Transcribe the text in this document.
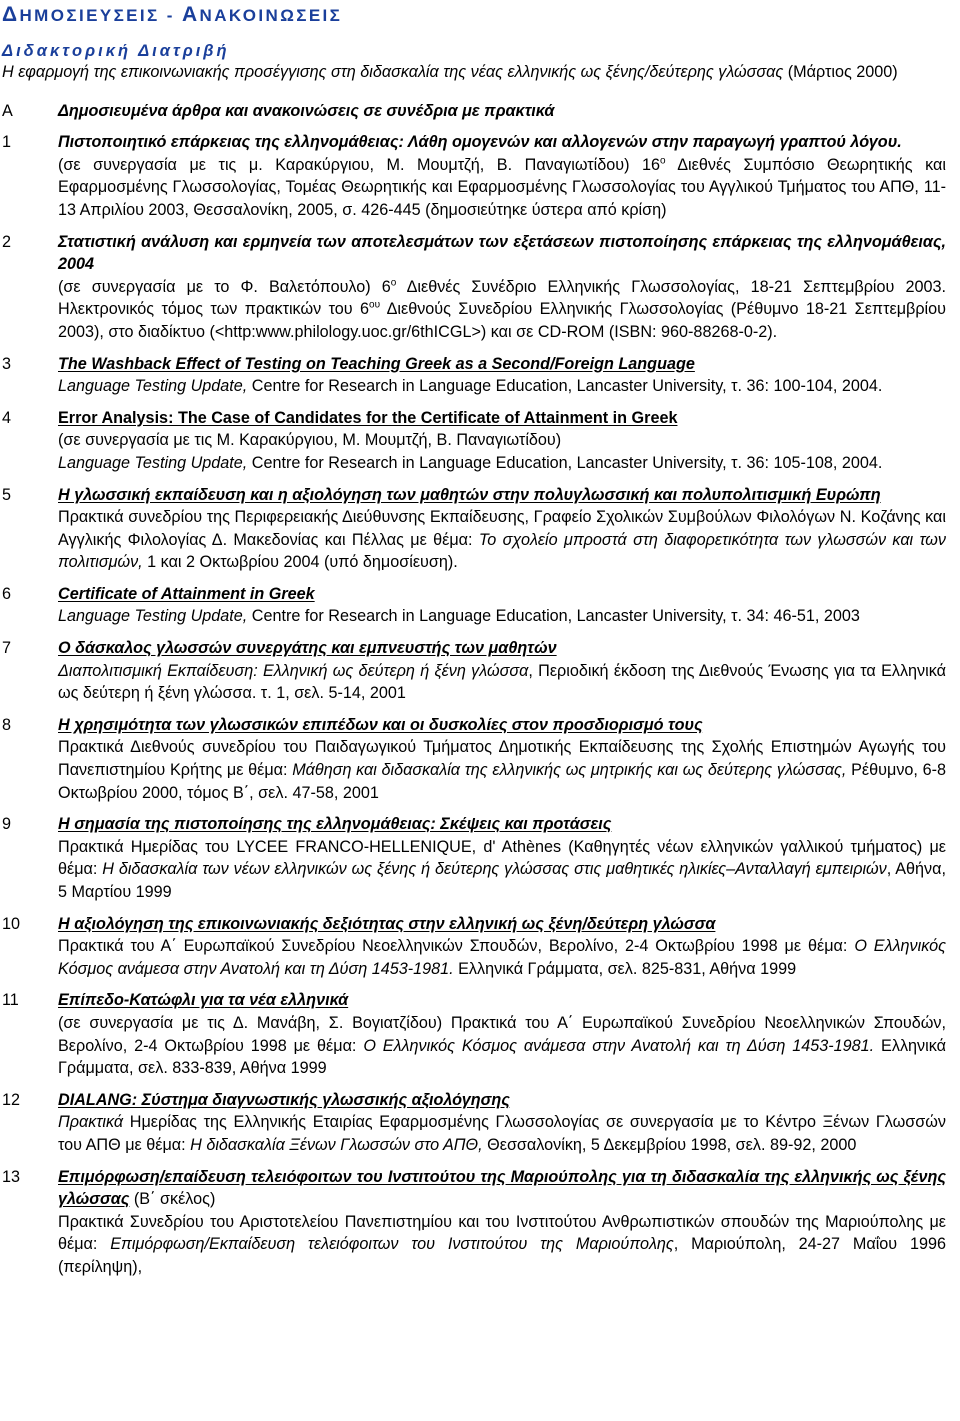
ΔΗΜΟΣΙΕΥΣΕΙΣ - ΑΝΑΚΟΙΝΩΣΕΙΣ
Διδακτορική Διατριβή

Η εφαρμογή της επικοινωνιακής προσέγγισης στη διδασκαλία της νέας ελληνικής ως ξένης/δεύτερης γλώσσας (Μάρτιος 2000)

A	Δημοσιευμένα άρθρα και ανακοινώσεις σε συνέδρια με πρακτικά
1	Πιστοποιητικό επάρκειας της ελληνομάθειας: Λάθη ομογενών και αλλογενών στην παραγωγή γραπτού λόγου.
(σε συνεργασία με τις μ. Καρακύργιου, Μ. Μουμτζή, Β. Παναγιωτίδου) $16^o$ Διεθνές Συμπόσιο Θεωρητικής και Εφαρμοσμένης Γλωσσολογίας, Τομέας Θεωρητικής και Εφαρμοσμένης Γλωσσολογίας του Αγγλικού Τμήματος του ΑΠΘ, 11-13 Απριλίου 2003, Θεσσαλονίκη, 2005, σ. 426-445 (δημοσιεύτηκε ύστερα από κρίση)
2	Στατιστική ανάλυση και ερμηνεία των αποτελεσμάτων των εξετάσεων πιστοποίησης επάρκειας της ελληνομάθειας, 2004
(σε συνεργασία με το Φ. Βαλετόπουλο) $6^o$ Διεθνές Συνέδριο Ελληνικής Γλωσσολογίας, 18-21 Σεπτεμβρίου 2003. Ηλεκτρονικός τόμος των πρακτικών του $6^{o\upsilon}$ Διεθνούς Συνεδρίου Ελληνικής Γλωσσολογίας (Ρέθυμνο 18-21 Σεπτεμβρίου 2003), στο διαδίκτυο (<http:www.philology.uoc.gr/6thICGL>) και σε CD-ROM (ISBN: 960-88268-0-2).
3	The Washback Effect of Testing on Teaching Greek as a Second/Foreign Language
Language Testing Update, Centre for Research in Language Education, Lancaster University, τ. 36: 100-104, 2004.
4	Error Analysis: The Case of Candidates for the Certificate of Attainment in Greek
(σε συνεργασία με τις Μ. Καρακύργιου, Μ. Μουμτζή, Β. Παναγιωτίδου)
Language Testing Update, Centre for Research in Language Education, Lancaster University, τ. 36: 105-108, 2004.
5	Η γλωσσική εκπαίδευση και η αξιολόγηση των μαθητών στην πολυγλωσσική και πολυπολιτισμική Ευρώπη
Πρακτικά συνεδρίου της Περιφερειακής Διεύθυνσης Εκπαίδευσης, Γραφείο Σχολικών Συμβούλων Φιλολόγων Ν. Κοζάνης και Αγγλικής Φιλολογίας Δ. Μακεδονίας και Πέλλας με θέμα: Το σχολείο μπροστά στη διαφορετικότητα των γλωσσών και των πολιτισμών, 1 και 2 Οκτωβρίου 2004 (υπό δημοσίευση).
6	Certificate of Attainment in Greek
Language Testing Update, Centre for Research in Language Education, Lancaster University, τ. 34: 46-51, 2003
7	Ο δάσκαλος γλωσσών συνεργάτης και εμπνευστής των μαθητών
Διαπολιτισμική Εκπαίδευση: Ελληνική ως δεύτερη ή ξένη γλώσσα, Περιοδική έκδοση της Διεθνούς Ένωσης για τα Ελληνικά ως δεύτερη ή ξένη γλώσσα. τ. 1, σελ. 5-14, 2001
8	Η χρησιμότητα των γλωσσικών επιπέδων και οι δυσκολίες στον προσδιορισμό τους
Πρακτικά Διεθνούς συνεδρίου του Παιδαγωγικού Τμήματος Δημοτικής Εκπαίδευσης της Σχολής Επιστημών Αγωγής του Πανεπιστημίου Κρήτης με θέμα: Μάθηση και διδασκαλία της ελληνικής ως μητρικής και ως δεύτερης γλώσσας, Ρέθυμνο, 6-8 Οκτωβρίου 2000, τόμος Β΄, σελ. 47-58, 2001
9	Η σημασία της πιστοποίησης της ελληνομάθειας: Σκέψεις και προτάσεις
Πρακτικά Ημερίδας του LYCEE FRANCO-HELLENIQUE, d' Athènes (Καθηγητές νέων ελληνικών γαλλικού τμήματος) με θέμα: Η διδασκαλία των νέων ελληνικών ως ξένης ή δεύτερης γλώσσας στις μαθητικές ηλικίες–Ανταλλαγή εμπειριών, Αθήνα, 5 Μαρτίου 1999
10	Η αξιολόγηση της επικοινωνιακής δεξιότητας στην ελληνική ως ξένη/δεύτερη γλώσσα
Πρακτικά του Α΄ Ευρωπαϊκού Συνεδρίου Νεοελληνικών Σπουδών, Βερολίνο, 2-4 Οκτωβρίου 1998 με θέμα: Ο Ελληνικός Κόσμος ανάμεσα στην Ανατολή και τη Δύση 1453-1981. Ελληνικά Γράμματα, σελ. 825-831, Αθήνα 1999
11	Επίπεδο-Κατώφλι για τα νέα ελληνικά
(σε συνεργασία με τις Δ. Μανάβη, Σ. Βογιατζίδου) Πρακτικά του Α΄ Ευρωπαϊκού Συνεδρίου Νεοελληνικών Σπουδών, Βερολίνο, 2-4 Οκτωβρίου 1998 με θέμα: Ο Ελληνικός Κόσμος ανάμεσα στην Ανατολή και τη Δύση 1453-1981. Ελληνικά Γράμματα, σελ. 833-839, Αθήνα 1999
12	DIALANG: Σύστημα διαγνωστικής γλωσσικής αξιολόγησης
Πρακτικά Ημερίδας της Ελληνικής Εταιρίας Εφαρμοσμένης Γλωσσολογίας σε συνεργασία με το Κέντρο Ξένων Γλωσσών του ΑΠΘ με θέμα: Η διδασκαλία Ξένων Γλωσσών στο ΑΠΘ, Θεσσαλονίκη, 5 Δεκεμβρίου 1998, σελ. 89-92, 2000
13	Επιμόρφωση/επαίδευση τελειόφοιτων του Ινστιτούτου της Μαριούπολης για τη διδασκαλία της ελληνικής ως ξένης γλώσσας (Β΄ σκέλος)
Πρακτικά Συνεδρίου του Αριστοτελείου Πανεπιστημίου και του Ινστιτούτου Ανθρωπιστικών σπουδών της Μαριούπολης με θέμα: Επιμόρφωση/Εκπαίδευση τελειόφοιτων του Ινστιτούτου της Μαριούπολης, Μαριούπολη, 24-27 Μαΐου 1996 (περίληψη),
